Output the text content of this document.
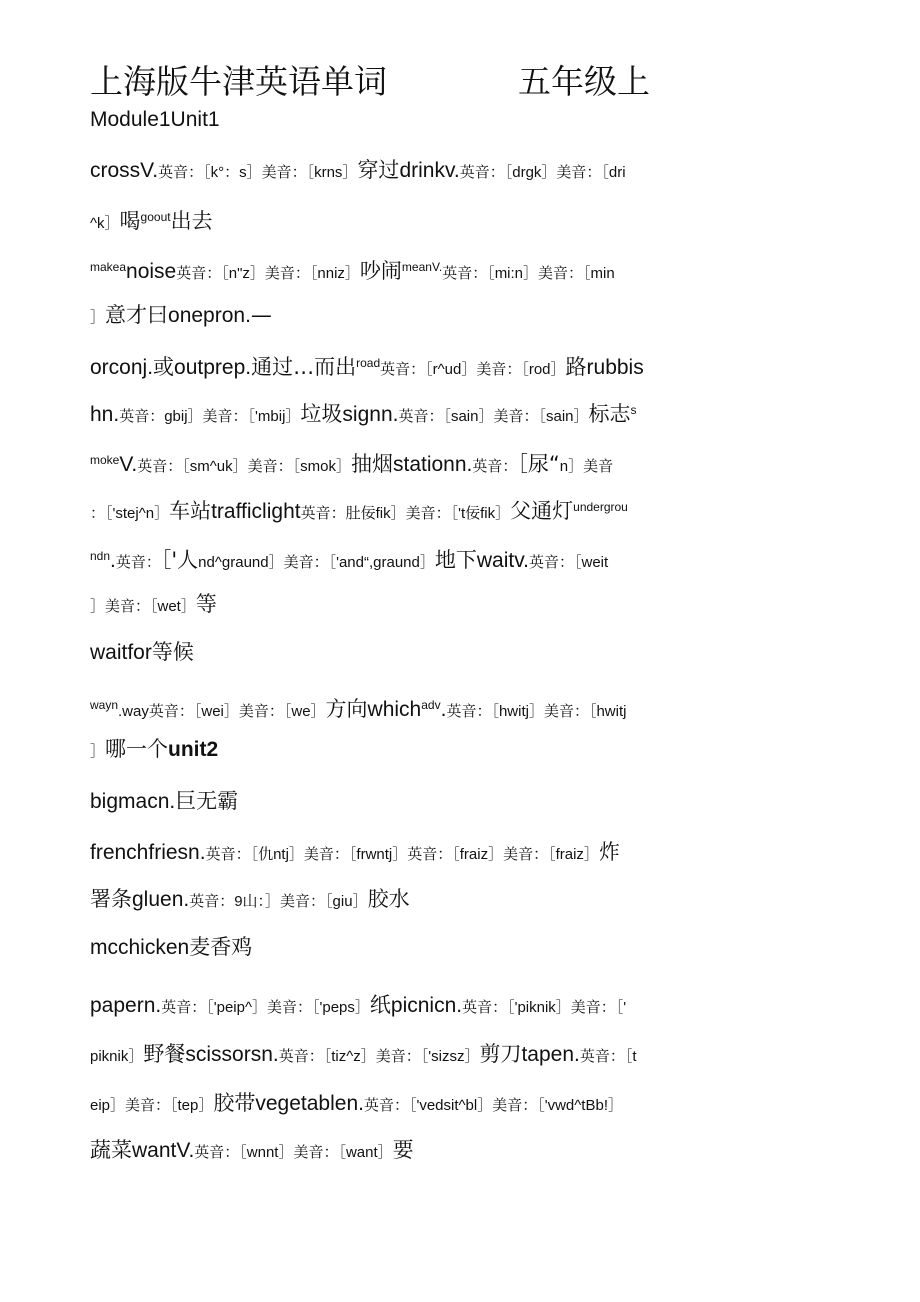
上海版牛津英语单词	五年级上
Module1Unit1
crossV.英音：［k°：s］美音：［krns］穿过drinkv.英音：［drgk］美音：［dri
^k］喝$^{goout}$出去
$^{makea}$noise英音：［n"z］美音：［nniz］吵闹$^{meanV.}$英音：［mi:n］美音：［min
］意才曰onepron.—
orconj.或outprep.通过…而出$^{road}$英音：［r^ud］美音：［rod］路rubbis
hn.英音：gbij］美音：［'mbij］垃圾signn.英音：［sain］美音：［sain］标志$^s$
$^{moke}$V.英音：［sm^uk］美音：［smok］抽烟stationn.英音：［尿“n］美音
：［'stej^n］车站trafficlight英音：肚佞fik］美音：［'t佞fik］父通灯$^{undergrou}$
$^{ndn}$.英音：［'人nd^graund］美音：［'and“,graund］地下waitv.英音：［weit
］美音：［wet］等
waitfor等候
$^{wayn}$.way英音：［wei］美音：［we］方向which$^{adv}$.英音：［hwitj］美音：［hwitj
］哪一个unit2
bigmacn.巨无霸
frenchfriesn.英音：［仇ntj］美音：［frwntj］英音：［fraiz］美音：［fraiz］炸
署条gluen.英音：9山：］美音：［giu］胶水
mcchicken麦香鸡
papern.英音：［'peip^］美音：［'peps］纸picnicn.英音：［'piknik］美音：［'
piknik］野餐scissorsn.英音：［tiz^z］美音：［'sizsz］剪刀tapen.英音：［t
eip］美音：［tep］胶带vegetablen.英音：［'vedsit^bl］美音：［'vwd^tBb!］
蔬菜wantV.英音：［wnnt］美音：［want］要
